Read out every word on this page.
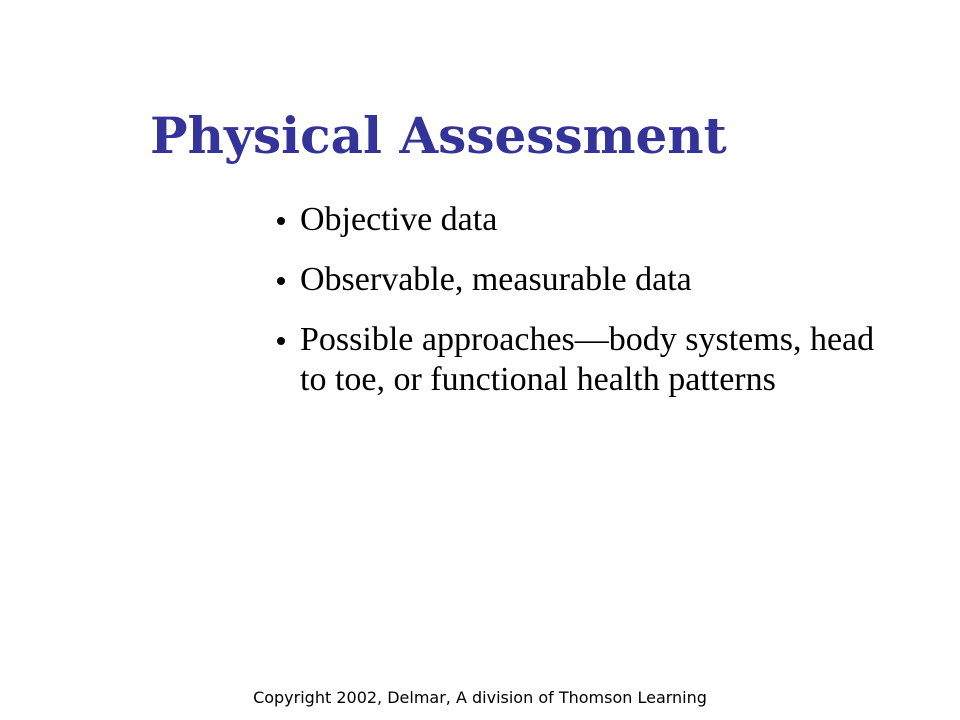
Physical Assessment
Objective data
Observable, measurable data
Possible approaches—body systems, head to toe, or functional health patterns
Copyright 2002, Delmar, A division of Thomson Learning
